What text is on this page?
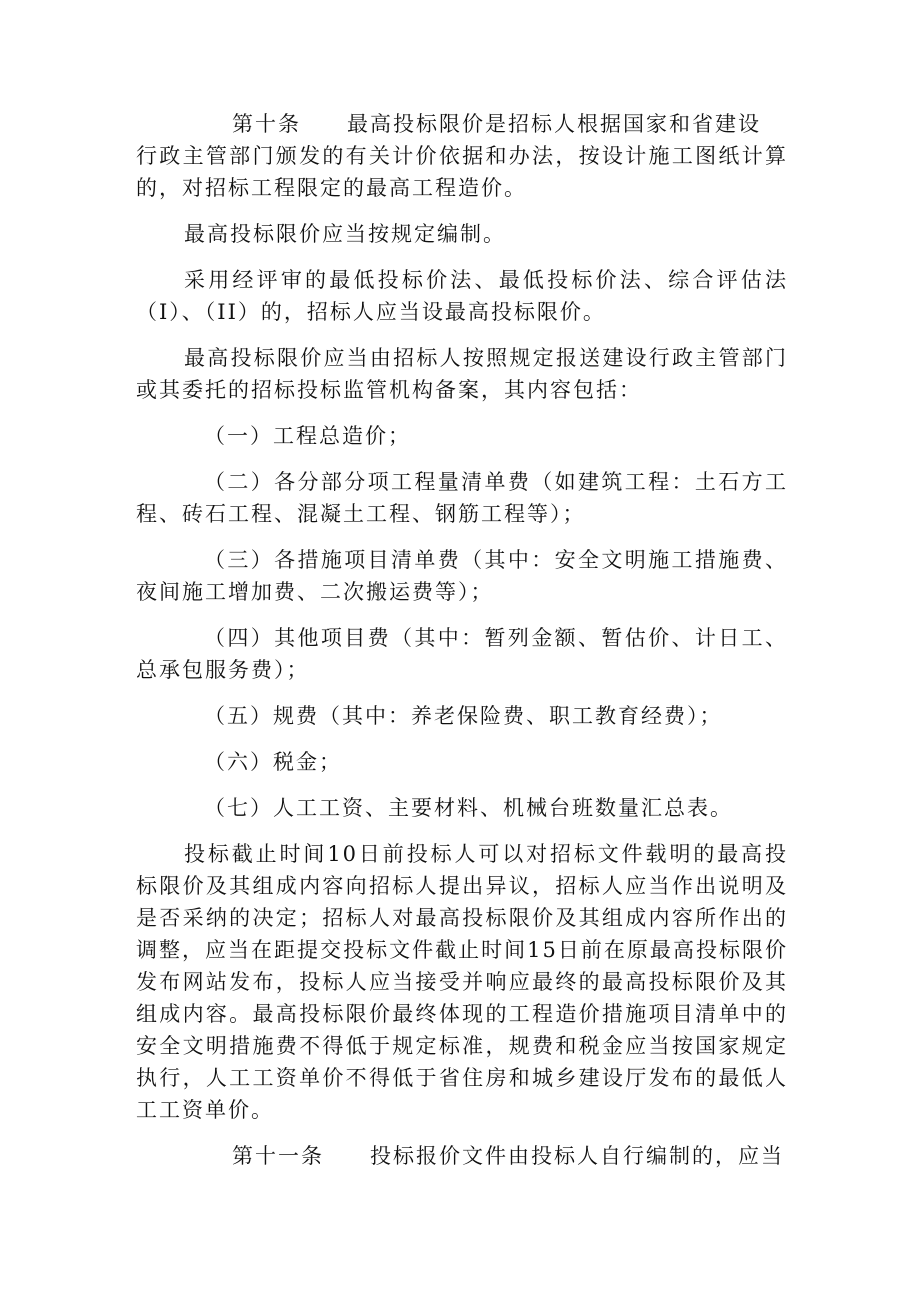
第十条 最高投标限价是招标人根据国家和省建设
行政主管部门颁发的有关计价依据和办法，按设计施工图纸计算的，对招标工程限定的最高工程造价。

最高投标限价应当按规定编制。

采用经评审的最低投标价法、最低投标价法、综合评估法（I）、（II）的，招标人应当设最高投标限价。

最高投标限价应当由招标人按照规定报送建设行政主管部门或其委托的招标投标监管机构备案，其内容包括：

（一）工程总造价；

（二）各分部分项工程量清单费（如建筑工程：土石方工程、砖石工程、混凝土工程、钢筋工程等）；

（三）各措施项目清单费（其中：安全文明施工措施费、夜间施工增加费、二次搬运费等）；

（四）其他项目费（其中：暂列金额、暂估价、计日工、总承包服务费）；

（五）规费（其中：养老保险费、职工教育经费）；

（六）税金；

（七）人工工资、主要材料、机械台班数量汇总表。

投标截止时间10日前投标人可以对招标文件载明的最高投标限价及其组成内容向招标人提出异议，招标人应当作出说明及是否采纳的决定；招标人对最高投标限价及其组成内容所作出的调整，应当在距提交投标文件截止时间15日前在原最高投标限价发布网站发布，投标人应当接受并响应最终的最高投标限价及其组成内容。最高投标限价最终体现的工程造价措施项目清单中的安全文明措施费不得低于规定标准，规费和税金应当按国家规定执行，人工工资单价不得低于省住房和城乡建设厅发布的最低人工工资单价。

第十一条 投标报价文件由投标人自行编制的，应当
